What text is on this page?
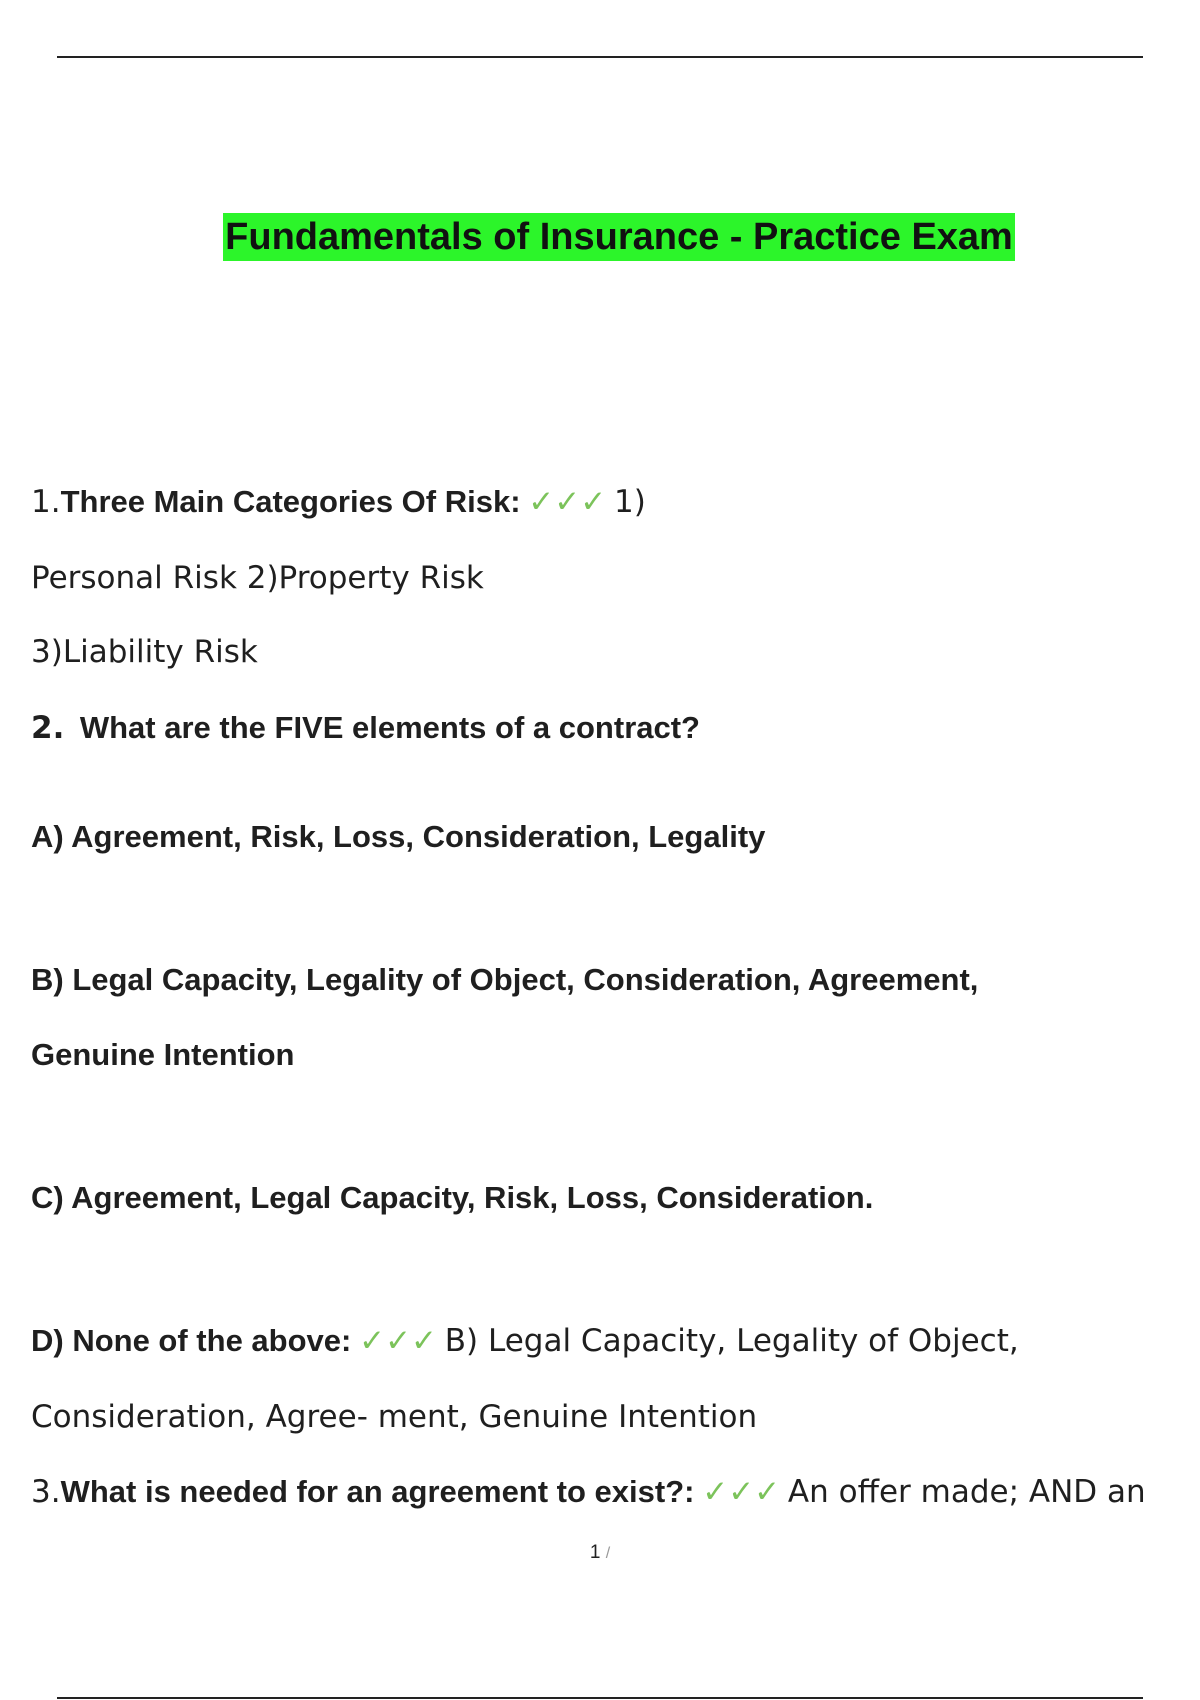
Fundamentals of Insurance - Practice Exam
1.Three Main Categories Of Risk: ✓✓✓ 1)
Personal Risk 2)Property Risk
3)Liability Risk
2. What are the FIVE elements of a contract?
A) Agreement, Risk, Loss, Consideration, Legality
B) Legal Capacity, Legality of Object, Consideration, Agreement,
Genuine Intention
C) Agreement, Legal Capacity, Risk, Loss, Consideration.
D) None of the above: ✓✓✓ B) Legal Capacity, Legality of Object,
Consideration, Agree- ment, Genuine Intention
3.What is needed for an agreement to exist?: ✓✓✓ An offer made; AND an
1 /
